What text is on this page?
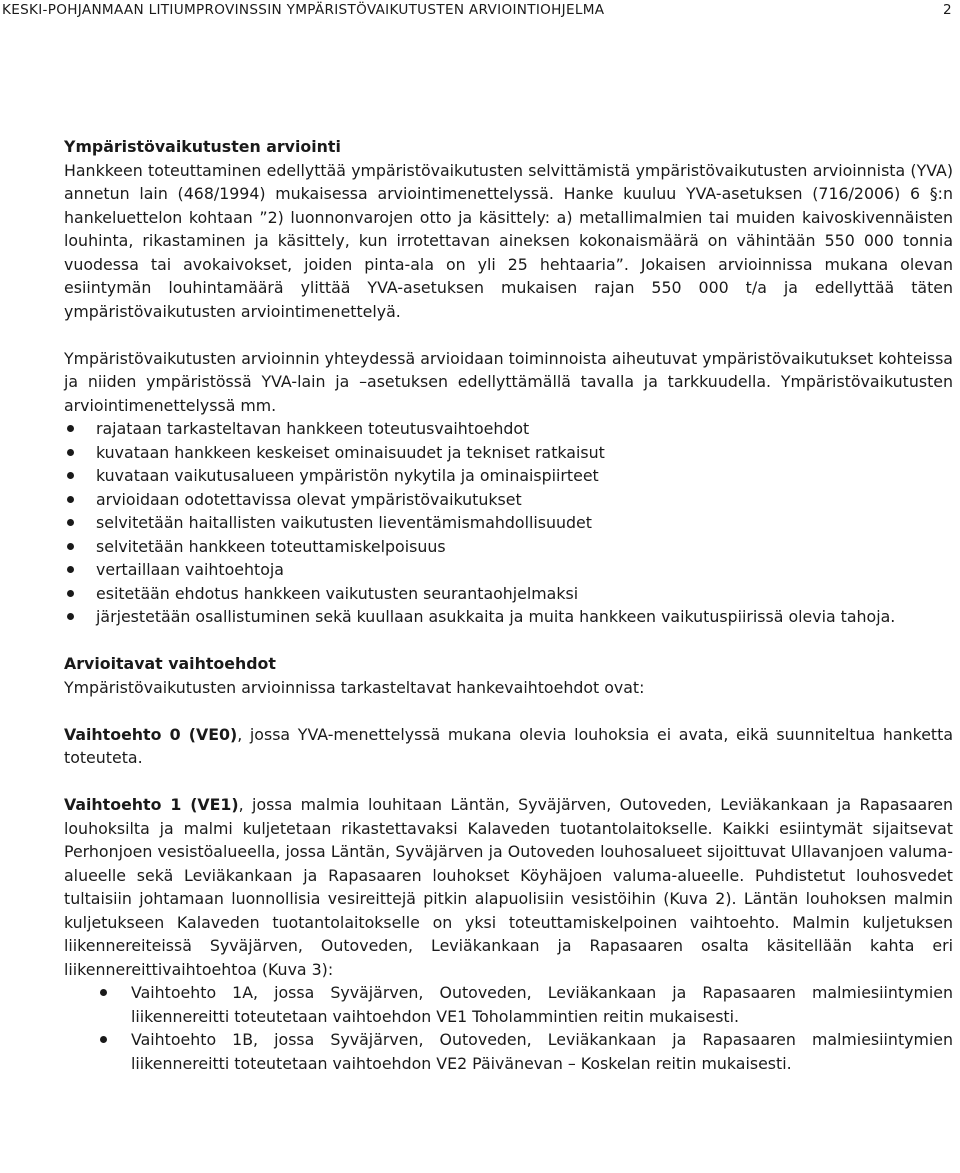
KESKI-POHJANMAAN LITIUMPROVINSSIN YMPÄRISTÖVAIKUTUSTEN ARVIOINTIOHJELMA	2

Ympäristövaikutusten arviointi

Hankkeen toteuttaminen edellyttää ympäristövaikutusten selvittämistä ympäristövaikutusten arvioinnista (YVA) annetun lain (468/1994) mukaisessa arviointimenettelyssä. Hanke kuuluu YVA-asetuksen (716/2006) 6 §:n hankeluettelon kohtaan ”2) luonnonvarojen otto ja käsittely: a) metallimalmien tai muiden kaivoskivennäisten louhinta, rikastaminen ja käsittely, kun irrotettavan aineksen kokonaismäärä on vähintään 550 000 tonnia vuodessa tai avokaivokset, joiden pinta-ala on yli 25 hehtaaria”. Jokaisen arvioinnissa mukana olevan esiintymän louhintamäärä ylittää YVA-asetuksen mukaisen rajan 550 000 t/a ja edellyttää täten ympäristövaikutusten arviointimenettelyä.

Ympäristövaikutusten arvioinnin yhteydessä arvioidaan toiminnoista aiheutuvat ympäristövaikutukset kohteissa ja niiden ympäristössä YVA-lain ja –asetuksen edellyttämällä tavalla ja tarkkuudella. Ympäristövaikutusten arviointimenettelyssä mm.

rajataan tarkasteltavan hankkeen toteutusvaihtoehdot
kuvataan hankkeen keskeiset ominaisuudet ja tekniset ratkaisut
kuvataan vaikutusalueen ympäristön nykytila ja ominaispiirteet
arvioidaan odotettavissa olevat ympäristövaikutukset
selvitetään haitallisten vaikutusten lieventämismahdollisuudet
selvitetään hankkeen toteuttamiskelpoisuus
vertaillaan vaihtoehtoja
esitetään ehdotus hankkeen vaikutusten seurantaohjelmaksi
järjestetään osallistuminen sekä kuullaan asukkaita ja muita hankkeen vaikutuspiirissä olevia tahoja.

Arvioitavat vaihtoehdot

Ympäristövaikutusten arvioinnissa tarkasteltavat hankevaihtoehdot ovat:

Vaihtoehto 0 (VE0), jossa YVA-menettelyssä mukana olevia louhoksia ei avata, eikä suunniteltua hanketta toteuteta.

Vaihtoehto 1 (VE1), jossa malmia louhitaan Läntän, Syväjärven, Outoveden, Leviäkankaan ja Rapasaaren louhoksilta ja malmi kuljetetaan rikastettavaksi Kalaveden tuotantolaitokselle. Kaikki esiintymät sijaitsevat Perhonjoen vesistöalueella, jossa Läntän, Syväjärven ja Outoveden louhosalueet sijoittuvat Ullavanjoen valuma-alueelle sekä Leviäkankaan ja Rapasaaren louhokset Köyhäjoen valuma-alueelle. Puhdistetut louhosvedet tultaisiin johtamaan luonnollisia vesireittejä pitkin alapuolisiin vesistöihin (Kuva 2). Läntän louhoksen malmin kuljetukseen Kalaveden tuotantolaitokselle on yksi toteuttamiskelpoinen vaihtoehto. Malmin kuljetuksen liikennereiteissä Syväjärven, Outoveden, Leviäkankaan ja Rapasaaren osalta käsitellään kahta eri liikennereittivaihtoehtoa (Kuva 3):

Vaihtoehto 1A, jossa Syväjärven, Outoveden, Leviäkankaan ja Rapasaaren malmiesiintymien liikennereitti toteutetaan vaihtoehdon VE1 Toholammintien reitin mukaisesti.
Vaihtoehto 1B, jossa Syväjärven, Outoveden, Leviäkankaan ja Rapasaaren malmiesiintymien liikennereitti toteutetaan vaihtoehdon VE2 Päivänevan – Koskelan reitin mukaisesti.
